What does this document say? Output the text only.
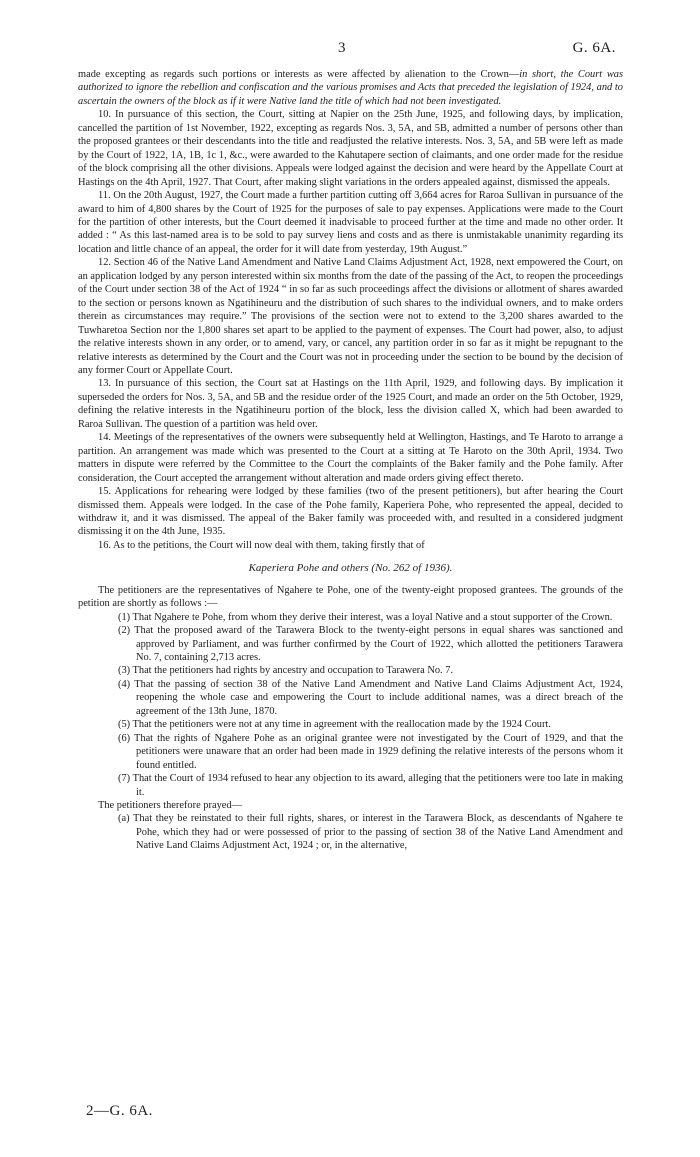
3	G. 6A.

made excepting as regards such portions or interests as were affected by alienation to the Crown—in short, the Court was authorized to ignore the rebellion and confiscation and the various promises and Acts that preceded the legislation of 1924, and to ascertain the owners of the block as if it were Native land the title of which had not been investigated.

10. In pursuance of this section, the Court, sitting at Napier on the 25th June, 1925, and following days, by implication, cancelled the partition of 1st November, 1922, excepting as regards Nos. 3, 5A, and 5B, admitted a number of persons other than the proposed grantees or their descendants into the title and readjusted the relative interests. Nos. 3, 5A, and 5B were left as made by the Court of 1922, 1A, 1B, 1c 1, &c., were awarded to the Kahutapere section of claimants, and one order made for the residue of the block comprising all the other divisions. Appeals were lodged against the decision and were heard by the Appellate Court at Hastings on the 4th April, 1927. That Court, after making slight variations in the orders appealed against, dismissed the appeals.

11. On the 20th August, 1927, the Court made a further partition cutting off 3,664 acres for Raroa Sullivan in pursuance of the award to him of 4,800 shares by the Court of 1925 for the purposes of sale to pay expenses. Applications were made to the Court for the partition of other interests, but the Court deemed it inadvisable to proceed further at the time and made no other order. It added : “ As this last-named area is to be sold to pay survey liens and costs and as there is unmistakable unanimity regarding its location and little chance of an appeal, the order for it will date from yesterday, 19th August.”

12. Section 46 of the Native Land Amendment and Native Land Claims Adjustment Act, 1928, next empowered the Court, on an application lodged by any person interested within six months from the date of the passing of the Act, to reopen the proceedings of the Court under section 38 of the Act of 1924 “ in so far as such proceedings affect the divisions or allotment of shares awarded to the section or persons known as Ngatihineuru and the distribution of such shares to the individual owners, and to make orders therein as circumstances may require.” The provisions of the section were not to extend to the 3,200 shares awarded to the Tuwharetoa Section nor the 1,800 shares set apart to be applied to the payment of expenses. The Court had power, also, to adjust the relative interests shown in any order, or to amend, vary, or cancel, any partition order in so far as it might be repugnant to the relative interests as determined by the Court and the Court was not in proceeding under the section to be bound by the decision of any former Court or Appellate Court.

13. In pursuance of this section, the Court sat at Hastings on the 11th April, 1929, and following days. By implication it superseded the orders for Nos. 3, 5A, and 5B and the residue order of the 1925 Court, and made an order on the 5th October, 1929, defining the relative interests in the Ngatihineuru portion of the block, less the division called X, which had been awarded to Raroa Sullivan. The question of a partition was held over.

14. Meetings of the representatives of the owners were subsequently held at Wellington, Hastings, and Te Haroto to arrange a partition. An arrangement was made which was presented to the Court at a sitting at Te Haroto on the 30th April, 1934. Two matters in dispute were referred by the Committee to the Court the complaints of the Baker family and the Pohe family. After consideration, the Court accepted the arrangement without alteration and made orders giving effect thereto.

15. Applications for rehearing were lodged by these families (two of the present petitioners), but after hearing the Court dismissed them. Appeals were lodged. In the case of the Pohe family, Kaperiera Pohe, who represented the appeal, decided to withdraw it, and it was dismissed. The appeal of the Baker family was proceeded with, and resulted in a considered judgment dismissing it on the 4th June, 1935.

16. As to the petitions, the Court will now deal with them, taking firstly that of

Kaperiera Pohe and others (No. 262 of 1936).

The petitioners are the representatives of Ngahere te Pohe, one of the twenty-eight proposed grantees. The grounds of the petition are shortly as follows :—

(1) That Ngahere te Pohe, from whom they derive their interest, was a loyal Native and a stout supporter of the Crown.

(2) That the proposed award of the Tarawera Block to the twenty-eight persons in equal shares was sanctioned and approved by Parliament, and was further confirmed by the Court of 1922, which allotted the petitioners Tarawera No. 7, containing 2,713 acres.

(3) That the petitioners had rights by ancestry and occupation to Tarawera No. 7.

(4) That the passing of section 38 of the Native Land Amendment and Native Land Claims Adjustment Act, 1924, reopening the whole case and empowering the Court to include additional names, was a direct breach of the agreement of the 13th June, 1870.

(5) That the petitioners were not at any time in agreement with the reallocation made by the 1924 Court.

(6) That the rights of Ngahere Pohe as an original grantee were not investigated by the Court of 1929, and that the petitioners were unaware that an order had been made in 1929 defining the relative interests of the persons whom it found entitled.

(7) That the Court of 1934 refused to hear any objection to its award, alleging that the petitioners were too late in making it.

The petitioners therefore prayed—

(a) That they be reinstated to their full rights, shares, or interest in the Tarawera Block, as descendants of Ngahere te Pohe, which they had or were possessed of prior to the passing of section 38 of the Native Land Amendment and Native Land Claims Adjustment Act, 1924 ; or, in the alternative,

2—G. 6A.
